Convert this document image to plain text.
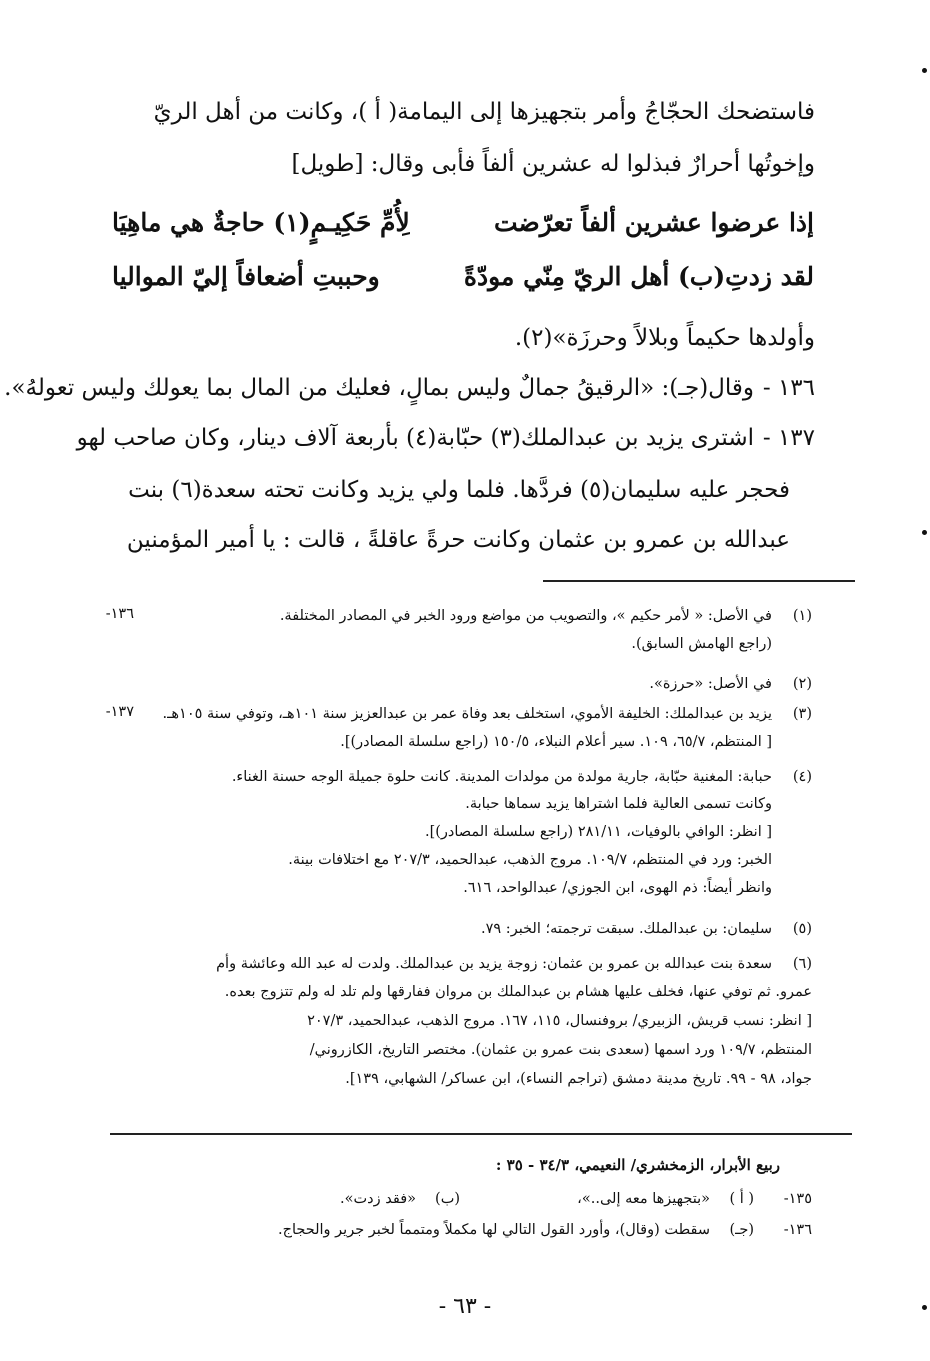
فاستضحك الحجّاجُ وأمر بتجهيزها إلى اليمامة( أ )، وكانت من أهل الريّ
وإخوتُها أحرارٌ فبذلوا له عشرين ألفاً فأبى وقال: [طويل]
إذا عرضوا عشرين ألفاً تعرّضت
لِأُمِّ حَكِيـمٍ(١) حاجةٌ هي ماهِيَا
لقد زدتِ(ب) أهل الريّ مِنّي مودّةً
وحببتِ أضعافاً إليّ المواليا
وأولدها حكيماً وبلالاً وحرزَة»(٢).
١٣٦ -
وقال(جـ): «الرقيقُ جمالٌ وليس بمالٍ، فعليك من المال بما يعولك وليس تعولهُ».
١٣٧ -
اشترى يزيد بن عبدالملك(٣) حبّابة(٤) بأربعة آلاف دينار، وكان صاحب لهو
فحجر عليه سليمان(٥) فردَّها. فلما ولي يزيد وكانت تحته سعدة(٦) بنت
عبدالله بن عمرو بن عثمان وكانت حرةً عاقلةً ، قالت : يا أمير المؤمنين
١٣٦-	(١)
في الأصل: « لأمر حكيم »، والتصويب من مواضع ورود الخبر في المصادر المختلفة.
(راجع الهامش السابق).
(٢)
في الأصل: «حرزة».
١٣٧-	(٣)
يزيد بن عبدالملك: الخليفة الأموي، استخلف بعد وفاة عمر بن عبدالعزيز سنة ١٠١هـ، وتوفي سنة ١٠٥هـ.
[ المنتظم، ٦٥/٧، ١٠٩. سير أعلام النبلاء، ١٥٠/٥ (راجع سلسلة المصادر)].
(٤)
حبابة: المغنية حبّابة، جارية مولدة من مولدات المدينة. كانت حلوة جميلة الوجه حسنة الغناء.
وكانت تسمى العالية فلما اشتراها يزيد سماها حبابة.
[ انظر: الوافي بالوفيات، ٢٨١/١١ (راجع سلسلة المصادر)].
الخبر: ورد في المنتظم، ١٠٩/٧. مروج الذهب، عبدالحميد، ٢٠٧/٣ مع اختلافات بينة.
وانظر أيضاً: ذم الهوى، ابن الجوزي/ عبدالواحد، ٦١٦.
(٥)
سليمان: بن عبدالملك. سبقت ترجمته؛ الخبر: ٧٩.
(٦)
سعدة بنت عبدالله بن عمرو بن عثمان: زوجة يزيد بن عبدالملك. ولدت له عبد الله وعائشة وأم
عمرو. ثم توفي عنها، فخلف عليها هشام بن عبدالملك بن مروان ففارقها ولم تلد له ولم تتزوج بعده.
[ انظر: نسب قريش، الزبيري/ بروفنسال، ١١٥، ١٦٧. مروج الذهب، عبدالحميد، ٢٠٧/٣
المنتظم، ١٠٩/٧ ورد اسمها (سعدى بنت عمرو بن عثمان). مختصر التاريخ، الكازروني/
جواد، ٩٨ - ٩٩. تاريخ مدينة دمشق (تراجم النساء)، ابن عساكر/ الشهابي، ١٣٩].
ربيع الأبرار، الزمخشري/ النعيمي، ٣٤/٣ - ٣٥ :
١٣٥-
( أ )
«بتجهيزها معه إلى..»،
(ب)
«فقد زدت».
١٣٦-
(جـ)
سقطت (وقال)، وأورد القول التالي لها مكملاً ومتمماً لخبر جرير والحجاج.
- ٦٣ -
